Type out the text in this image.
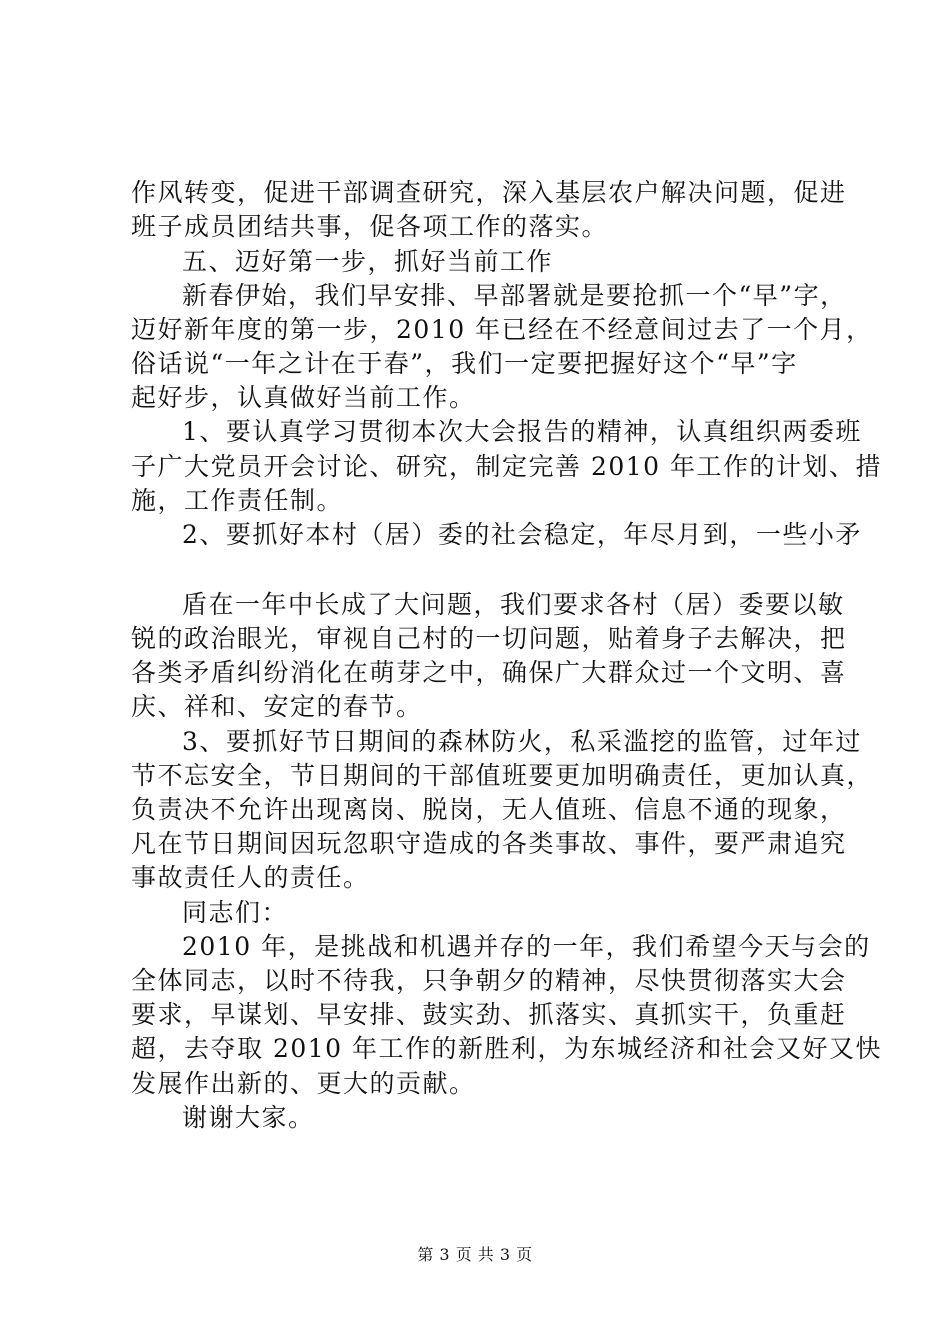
作风转变，促进干部调查研究，深入基层农户解决问题，促进
班子成员团结共事，促各项工作的落实。
五、迈好第一步，抓好当前工作
新春伊始，我们早安排、早部署就是要抢抓一个“早”字，
迈好新年度的第一步，2010 年已经在不经意间过去了一个月，
俗话说“一年之计在于春”，我们一定要把握好这个“早”字
起好步，认真做好当前工作。
1、要认真学习贯彻本次大会报告的精神，认真组织两委班
子广大党员开会讨论、研究，制定完善 2010 年工作的计划、措
施，工作责任制。
2、要抓好本村（居）委的社会稳定，年尽月到，一些小矛
盾在一年中长成了大问题，我们要求各村（居）委要以敏
锐的政治眼光，审视自己村的一切问题，贴着身子去解决，把
各类矛盾纠纷消化在萌芽之中，确保广大群众过一个文明、喜
庆、祥和、安定的春节。
3、要抓好节日期间的森林防火，私采滥挖的监管，过年过
节不忘安全，节日期间的干部值班要更加明确责任，更加认真，
负责决不允许出现离岗、脱岗，无人值班、信息不通的现象，
凡在节日期间因玩忽职守造成的各类事故、事件，要严肃追究
事故责任人的责任。
同志们：
2010 年，是挑战和机遇并存的一年，我们希望今天与会的
全体同志，以时不待我，只争朝夕的精神，尽快贯彻落实大会
要求，早谋划、早安排、鼓实劲、抓落实、真抓实干，负重赶
超，去夺取 2010 年工作的新胜利，为东城经济和社会又好又快
发展作出新的、更大的贡献。
谢谢大家。
第 3 页 共 3 页
